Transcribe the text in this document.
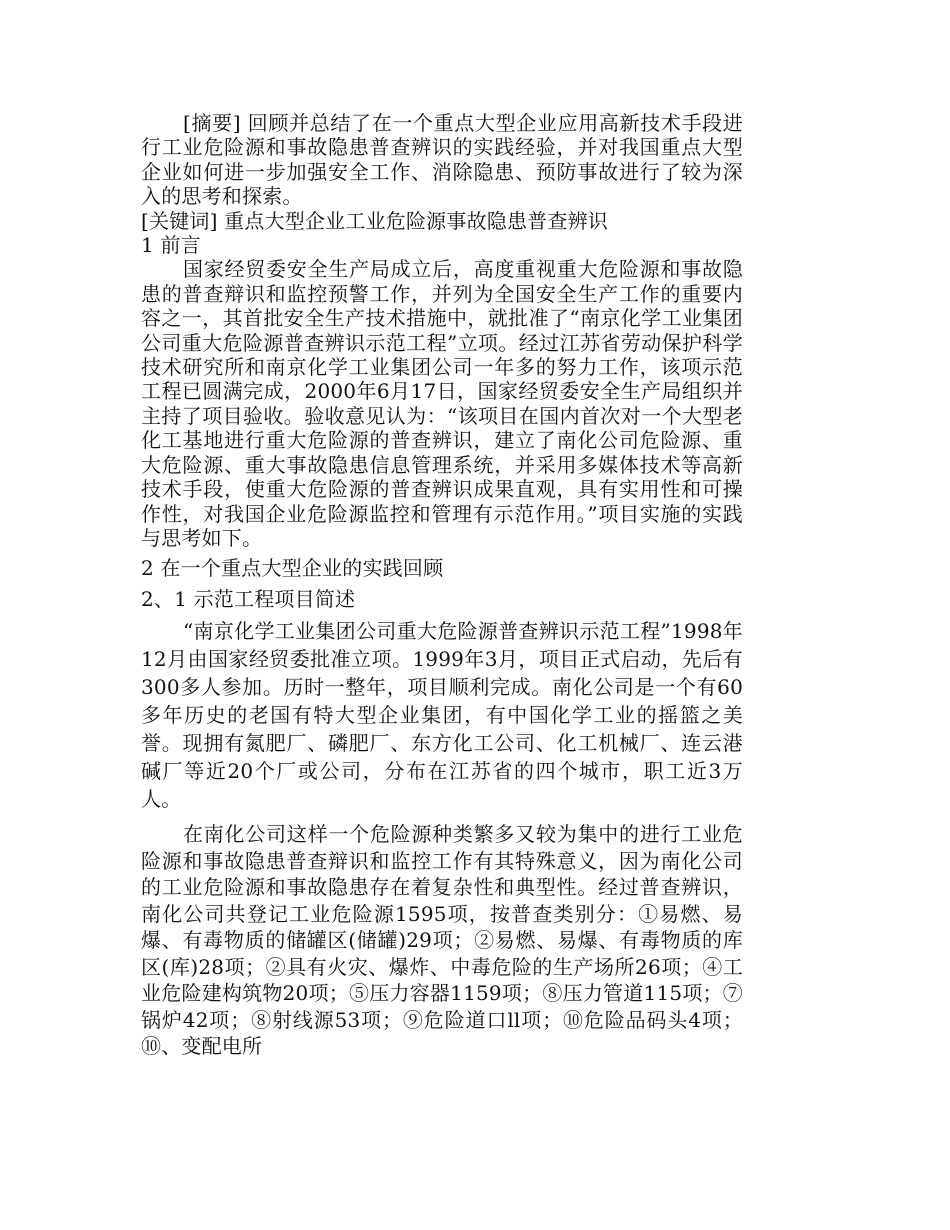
[摘要] 回顾并总结了在一个重点大型企业应用高新技术手段进行工业危险源和事故隐患普查辨识的实践经验，并对我国重点大型企业如何进一步加强安全工作、消除隐患、预防事故进行了较为深入的思考和探索。

[关键词] 重点大型企业工业危险源事故隐患普查辨识

1 前言

国家经贸委安全生产局成立后，高度重视重大危险源和事故隐患的普查辩识和监控预警工作，并列为全国安全生产工作的重要内容之一，其首批安全生产技术措施中，就批准了“南京化学工业集团公司重大危险源普查辨识示范工程”立项。经过江苏省劳动保护科学技术研究所和南京化学工业集团公司一年多的努力工作，该项示范工程已圆满完成，2000年6月17日，国家经贸委安全生产局组织并主持了项目验收。验收意见认为：“该项目在国内首次对一个大型老化工基地进行重大危险源的普查辨识，建立了南化公司危险源、重大危险源、重大事故隐患信息管理系统，并采用多媒体技术等高新技术手段，使重大危险源的普查辨识成果直观，具有实用性和可操作性，对我国企业危险源监控和管理有示范作用。”项目实施的实践与思考如下。

2 在一个重点大型企业的实践回顾

2、1 示范工程项目简述

“南京化学工业集团公司重大危险源普查辨识示范工程”1998年12月由国家经贸委批准立项。1999年3月，项目正式启动，先后有300多人参加。历时一整年，项目顺利完成。南化公司是一个有60多年历史的老国有特大型企业集团，有中国化学工业的摇篮之美誉。现拥有氮肥厂、磷肥厂、东方化工公司、化工机械厂、连云港碱厂等近20个厂或公司，分布在江苏省的四个城市，职工近3万人。

在南化公司这样一个危险源种类繁多又较为集中的进行工业危险源和事故隐患普查辩识和监控工作有其特殊意义，因为南化公司的工业危险源和事故隐患存在着复杂性和典型性。经过普查辨识，南化公司共登记工业危险源1595项，按普查类别分：①易燃、易爆、有毒物质的储罐区(储罐)29项；②易燃、易爆、有毒物质的库区(库)28项；②具有火灾、爆炸、中毒危险的生产场所26项；④工业危险建构筑物20项；⑤压力容器1159项；⑧压力管道115项；⑦锅炉42项；⑧射线源53项；⑨危险道口ll项；⑩危险品码头4项；⑩、变配电所
